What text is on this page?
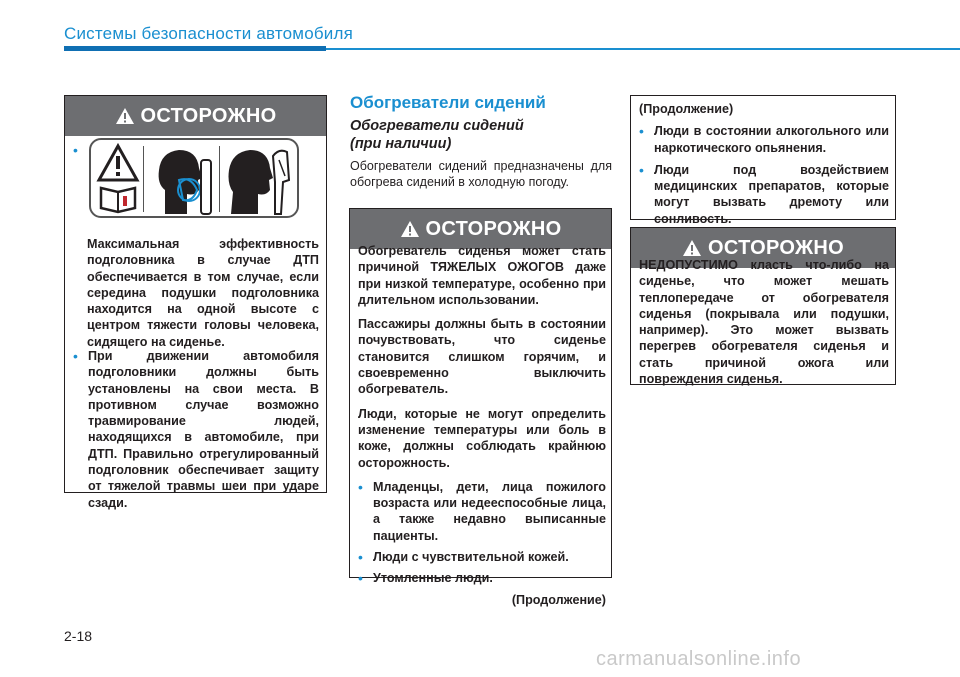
Системы безопасности автомобиля
ОСТОРОЖНО
•
Максимальная эффективность подголовника в случае ДТП обеспечивается в том случае, если середина подушки подголовника находится на одной высоте с центром тяжести головы человека, сидящего на сиденье.
• При движении автомобиля подголовники должны быть установлены на свои места. В противном случае возможно травмирование людей, находящихся в автомобиле, при ДТП. Правильно отрегулированный подголовник обеспечивает защиту от тяжелой травмы шеи при ударе сзади.
Обогреватели сидений
Обогреватели сидений
(при наличии)
Обогреватели сидений предназначены для обогрева сидений в холодную погоду.
ОСТОРОЖНО

Обогреватель сиденья может стать причиной ТЯЖЕЛЫХ ОЖОГОВ даже при низкой температуре, особенно при длительном использовании.

Пассажиры должны быть в состоянии почувствовать, что сиденье становится слишком горячим, и своевременно выключить обогреватель.

Люди, которые не могут определить изменение температуры или боль в коже, должны соблюдать крайнюю осторожность.

• Младенцы, дети, лица пожилого возраста или недееспособные лица, а также недавно выписанные пациенты.
• Люди с чувствительной кожей.
• Утомленные люди.
(Продолжение)
(Продолжение)
• Люди в состоянии алкогольного или наркотического опьянения.
• Люди под воздействием медицинских препаратов, которые могут вызвать дремоту или сонливость.
ОСТОРОЖНО
НЕДОПУСТИМО класть что-либо на сиденье, что может мешать теплопередаче от обогревателя сиденья (покрывала или подушки, например). Это может вызвать перегрев обогревателя сиденья и стать причиной ожога или повреждения сиденья.
2-18
carmanualsonline.info
